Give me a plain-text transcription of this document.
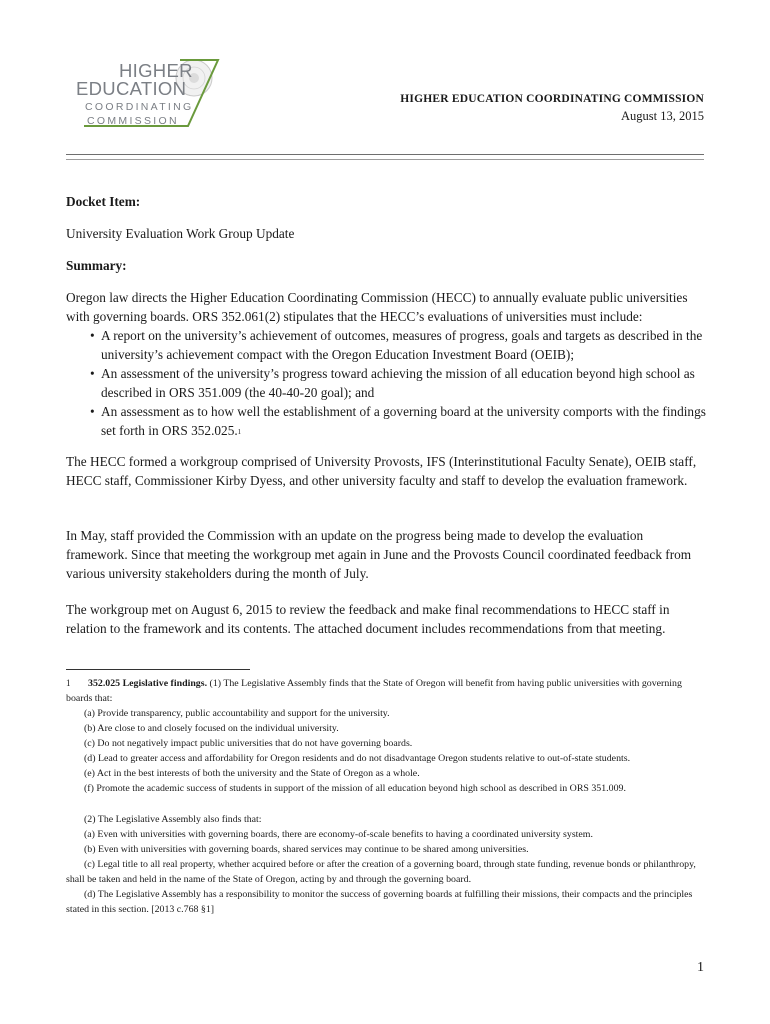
HIGHER
EDUCATION
COORDINATING
COMMISSION
HIGHER EDUCATION COORDINATING COMMISSION
August 13, 2015
Docket Item:
University Evaluation Work Group Update
Summary:
Oregon law directs the Higher Education Coordinating Commission (HECC) to annually evaluate public universities with governing boards. ORS 352.061(2) stipulates that the HECC’s evaluations of universities must include:
• A report on the university’s achievement of outcomes, measures of progress, goals and targets as described in the university’s achievement compact with the Oregon Education Investment Board (OEIB);
• An assessment of the university’s progress toward achieving the mission of all education beyond high school as described in ORS 351.009 (the 40-40-20 goal); and
• An assessment as to how well the establishment of a governing board at the university comports with the findings set forth in ORS 352.025.$^1$
The HECC formed a workgroup comprised of University Provosts, IFS (Interinstitutional Faculty Senate), OEIB staff, HECC staff, Commissioner Kirby Dyess, and other university faculty and staff to develop the evaluation framework.
In May, staff provided the Commission with an update on the progress being made to develop the evaluation framework. Since that meeting the workgroup met again in June and the Provosts Council coordinated feedback from various university stakeholders during the month of July.
The workgroup met on August 6, 2015 to review the feedback and make final recommendations to HECC staff in relation to the framework and its contents. The attached document includes recommendations from that meeting.
1 352.025 Legislative findings. (1) The Legislative Assembly finds that the State of Oregon will benefit from having public universities with governing boards that:
(a) Provide transparency, public accountability and support for the university.
(b) Are close to and closely focused on the individual university.
(c) Do not negatively impact public universities that do not have governing boards.
(d) Lead to greater access and affordability for Oregon residents and do not disadvantage Oregon students relative to out-of-state students.
(e) Act in the best interests of both the university and the State of Oregon as a whole.
(f) Promote the academic success of students in support of the mission of all education beyond high school as described in ORS 351.009.
(2) The Legislative Assembly also finds that:
(a) Even with universities with governing boards, there are economy-of-scale benefits to having a coordinated university system.
(b) Even with universities with governing boards, shared services may continue to be shared among universities.
(c) Legal title to all real property, whether acquired before or after the creation of a governing board, through state funding, revenue bonds or philanthropy, shall be taken and held in the name of the State of Oregon, acting by and through the governing board.
(d) The Legislative Assembly has a responsibility to monitor the success of governing boards at fulfilling their missions, their compacts and the principles stated in this section. [2013 c.768 §1]
1
